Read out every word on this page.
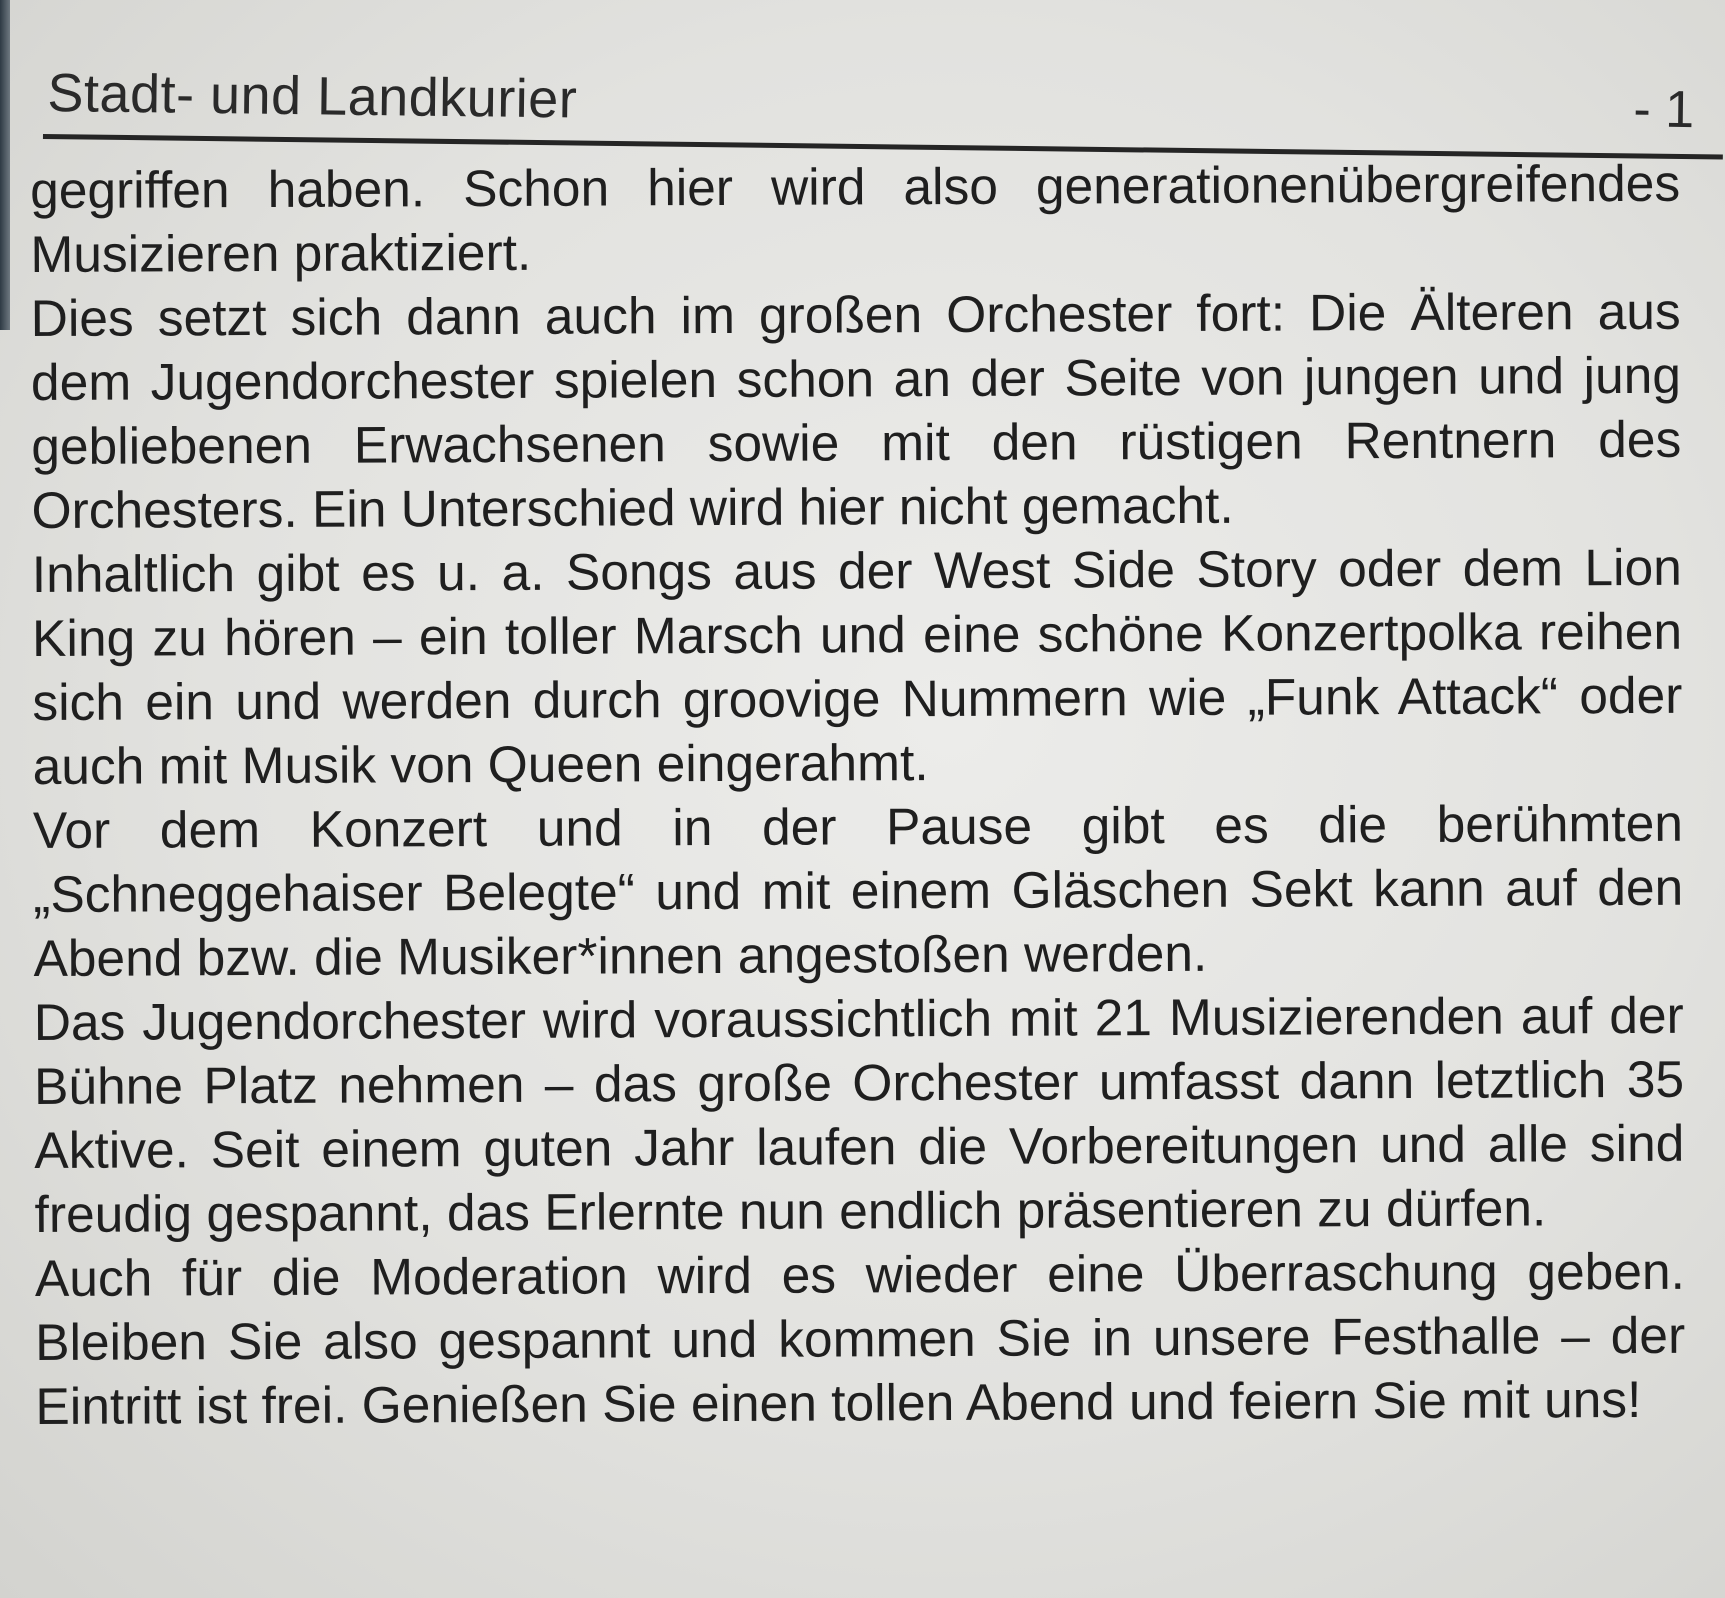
Stadt- und Landkurier	- 1

gegriffen haben. Schon hier wird also generationenübergreifendes Musizieren praktiziert.

Dies setzt sich dann auch im großen Orchester fort: Die Älteren aus dem Jugendorchester spielen schon an der Seite von jungen und jung gebliebenen Erwachsenen sowie mit den rüstigen Rentnern des Orchesters. Ein Unterschied wird hier nicht gemacht.

Inhaltlich gibt es u. a. Songs aus der West Side Story oder dem Lion King zu hören – ein toller Marsch und eine schöne Konzertpolka reihen sich ein und werden durch groovige Nummern wie „Funk Attack“ oder auch mit Musik von Queen eingerahmt.

Vor dem Konzert und in der Pause gibt es die berühmten „Schneggehaiser Belegte“ und mit einem Gläschen Sekt kann auf den Abend bzw. die Musiker*innen angestoßen werden.

Das Jugendorchester wird voraussichtlich mit 21 Musizierenden auf der Bühne Platz nehmen – das große Orchester umfasst dann letztlich 35 Aktive. Seit einem guten Jahr laufen die Vorbereitungen und alle sind freudig gespannt, das Erlernte nun endlich präsentieren zu dürfen.

Auch für die Moderation wird es wieder eine Überraschung geben. Bleiben Sie also gespannt und kommen Sie in unsere Festhalle – der Eintritt ist frei. Genießen Sie einen tollen Abend und feiern Sie mit uns!
